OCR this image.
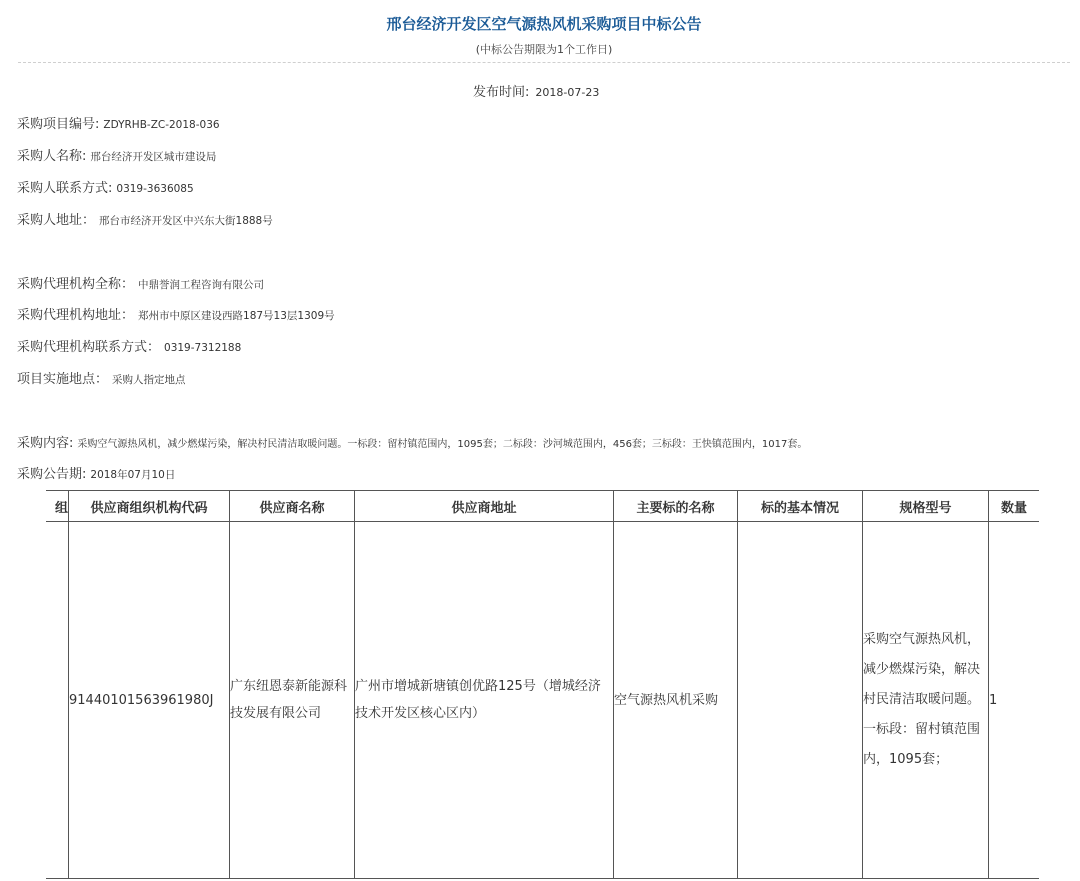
邢台经济开发区空气源热风机采购项目中标公告
(中标公告期限为1个工作日)
发布时间: 2018-07-23
采购项目编号: ZDYRHB-ZC-2018-036
采购人名称: 邢台经济开发区城市建设局
采购人联系方式: 0319-3636085
采购人地址： 邢台市经济开发区中兴东大街1888号
采购代理机构全称： 中鼎誉润工程咨询有限公司
采购代理机构地址： 郑州市中原区建设西路187号13层1309号
采购代理机构联系方式： 0319-7312188
项目实施地点： 采购人指定地点
采购内容: 采购空气源热风机，减少燃煤污染，解决村民清洁取暖问题。一标段：留村镇范围内，1095套；二标段：沙河城范围内，456套；三标段：王快镇范围内，1017套。
采购公告期: 2018年07月10日
组	供应商组织机构代码	供应商名称	供应商地址	主要标的名称	标的基本情况	规格型号	数量
	91440101563961980J	广东纽恩泰新能源科技发展有限公司	广州市增城新塘镇创优路125号（增城经济技术开发区核心区内）	空气源热风机采购		采购空气源热风机，减少燃煤污染，解决村民清洁取暖问题。一标段：留村镇范围内，1095套；	1
